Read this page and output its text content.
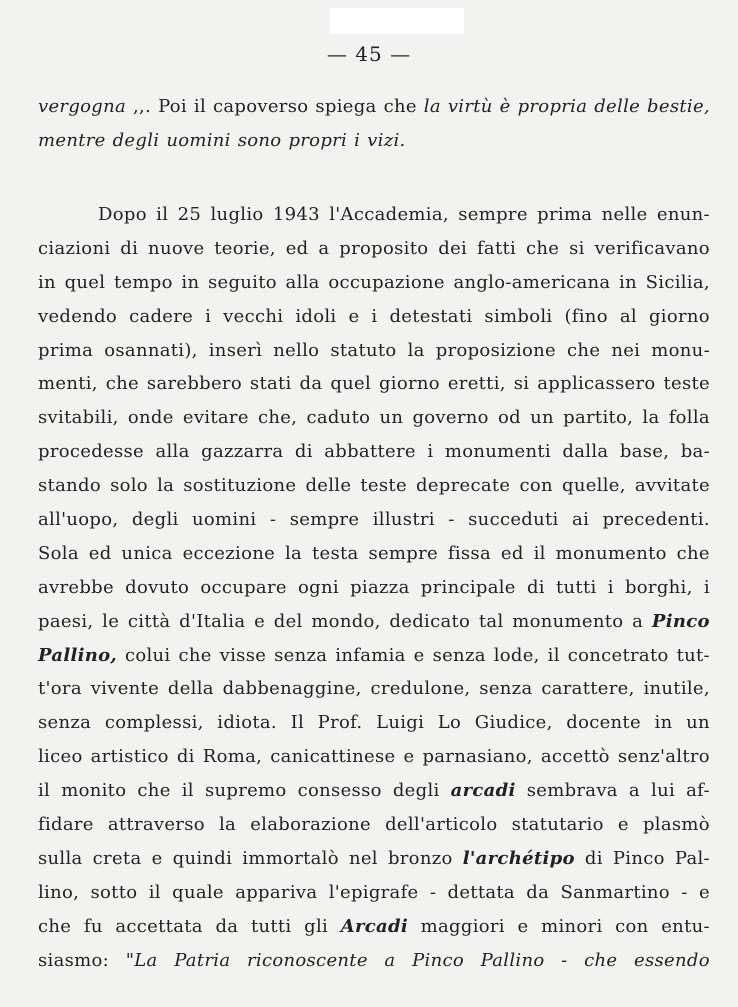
— 45 —
vergogna ,,. Poi il capoverso spiega che la virtù è propria delle bestie,
mentre degli uomini sono propri i vizi.
Dopo il 25 luglio 1943 l'Accademia, sempre prima nelle enun-
ciazioni di nuove teorie, ed a proposito dei fatti che si verificavano
in quel tempo in seguito alla occupazione anglo-americana in Sicilia,
vedendo cadere i vecchi idoli e i detestati simboli (fino al giorno
prima osannati), inserì nello statuto la proposizione che nei monu-
menti, che sarebbero stati da quel giorno eretti, si applicassero teste
svitabili, onde evitare che, caduto un governo od un partito, la folla
procedesse alla gazzarra di abbattere i monumenti dalla base, ba-
stando solo la sostituzione delle teste deprecate con quelle, avvitate
all'uopo, degli uomini - sempre illustri - succeduti ai precedenti.
Sola ed unica eccezione la testa sempre fissa ed il monumento che
avrebbe dovuto occupare ogni piazza principale di tutti i borghi, i
paesi, le città d'Italia e del mondo, dedicato tal monumento a Pinco
Pallino, colui che visse senza infamia e senza lode, il concetrato tut-
t'ora vivente della dabbenaggine, credulone, senza carattere, inutile,
senza complessi, idiota. Il Prof. Luigi Lo Giudice, docente in un
liceo artistico di Roma, canicattinese e parnasiano, accettò senz'altro
il monito che il supremo consesso degli arcadi sembrava a lui af-
fidare attraverso la elaborazione dell'articolo statutario e plasmò
sulla creta e quindi immortalò nel bronzo l'archétipo di Pinco Pal-
lino, sotto il quale appariva l'epigrafe - dettata da Sanmartino - e
che fu accettata da tutti gli Arcadi maggiori e minori con entu-
siasmo: "La Patria riconoscente a Pinco Pallino - che essendo
